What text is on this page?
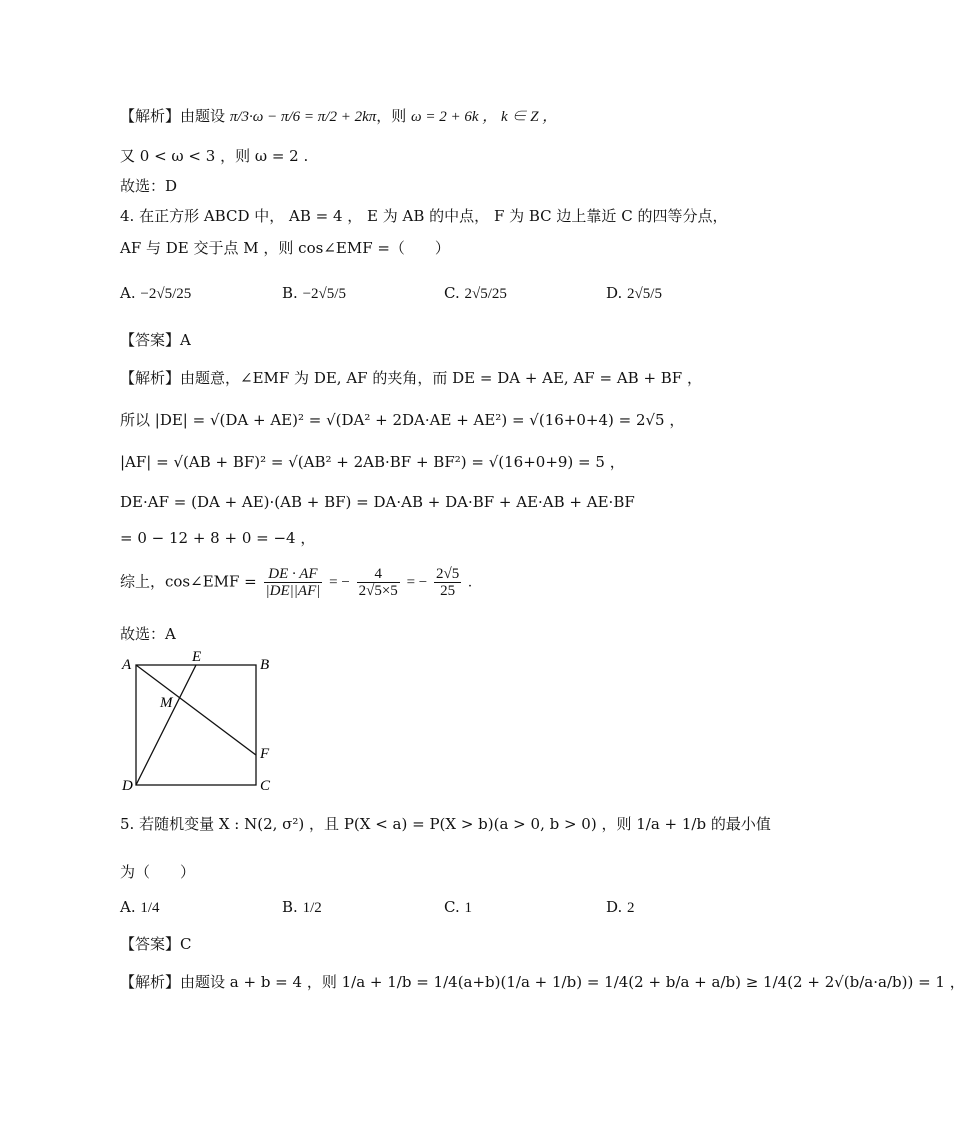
【解析】由题设 π/3·ω − π/6 = π/2 + 2kπ，则 ω = 2 + 6k ， k ∈ Z ，
又 0 < ω < 3 ，则 ω = 2 .
故选：D
4. 在正方形 ABCD 中， AB = 4 ， E 为 AB 的中点， F 为 BC 边上靠近 C 的四等分点，
AF 与 DE 交于点 M ，则 cos∠EMF =（　　）
A. −2√5/25	B. −2√5/5	C. 2√5/25	D. 2√5/5
【答案】A
【解析】由题意，∠EMF 为 DE, AF 的夹角，而 DE = DA + AE, AF = AB + BF ，
所以 |DE| = √(DA + AE)² = √(DA² + 2DA·AE + AE²) = √(16+0+4) = 2√5 ，
|AF| = √(AB + BF)² = √(AB² + 2AB·BF + BF²) = √(16+0+9) = 5 ，
DE·AF = (DA + AE)·(AB + BF) = DA·AB + DA·BF + AE·AB + AE·BF
= 0 − 12 + 8 + 0 = −4 ，
综上，cos∠EMF = $\frac{DE \cdot AF}{|DE||AF|}$ = − $\frac{4}{2√5\times 5}$ = − $\frac{2√5}{25}$ .
故选：A
A	E	B
M
F
D	C
5. 若随机变量 X : N(2, σ²) ，且 P(X < a) = P(X > b)(a > 0, b > 0) ，则 1/a + 1/b 的最小值
为（　　）
A. 1/4	B. 1/2	C. 1	D. 2
【答案】C
【解析】由题设 a + b = 4 ，则 1/a + 1/b = 1/4(a+b)(1/a + 1/b) = 1/4(2 + b/a + a/b) ≥ 1/4(2 + 2√(b/a·a/b)) = 1 ，
